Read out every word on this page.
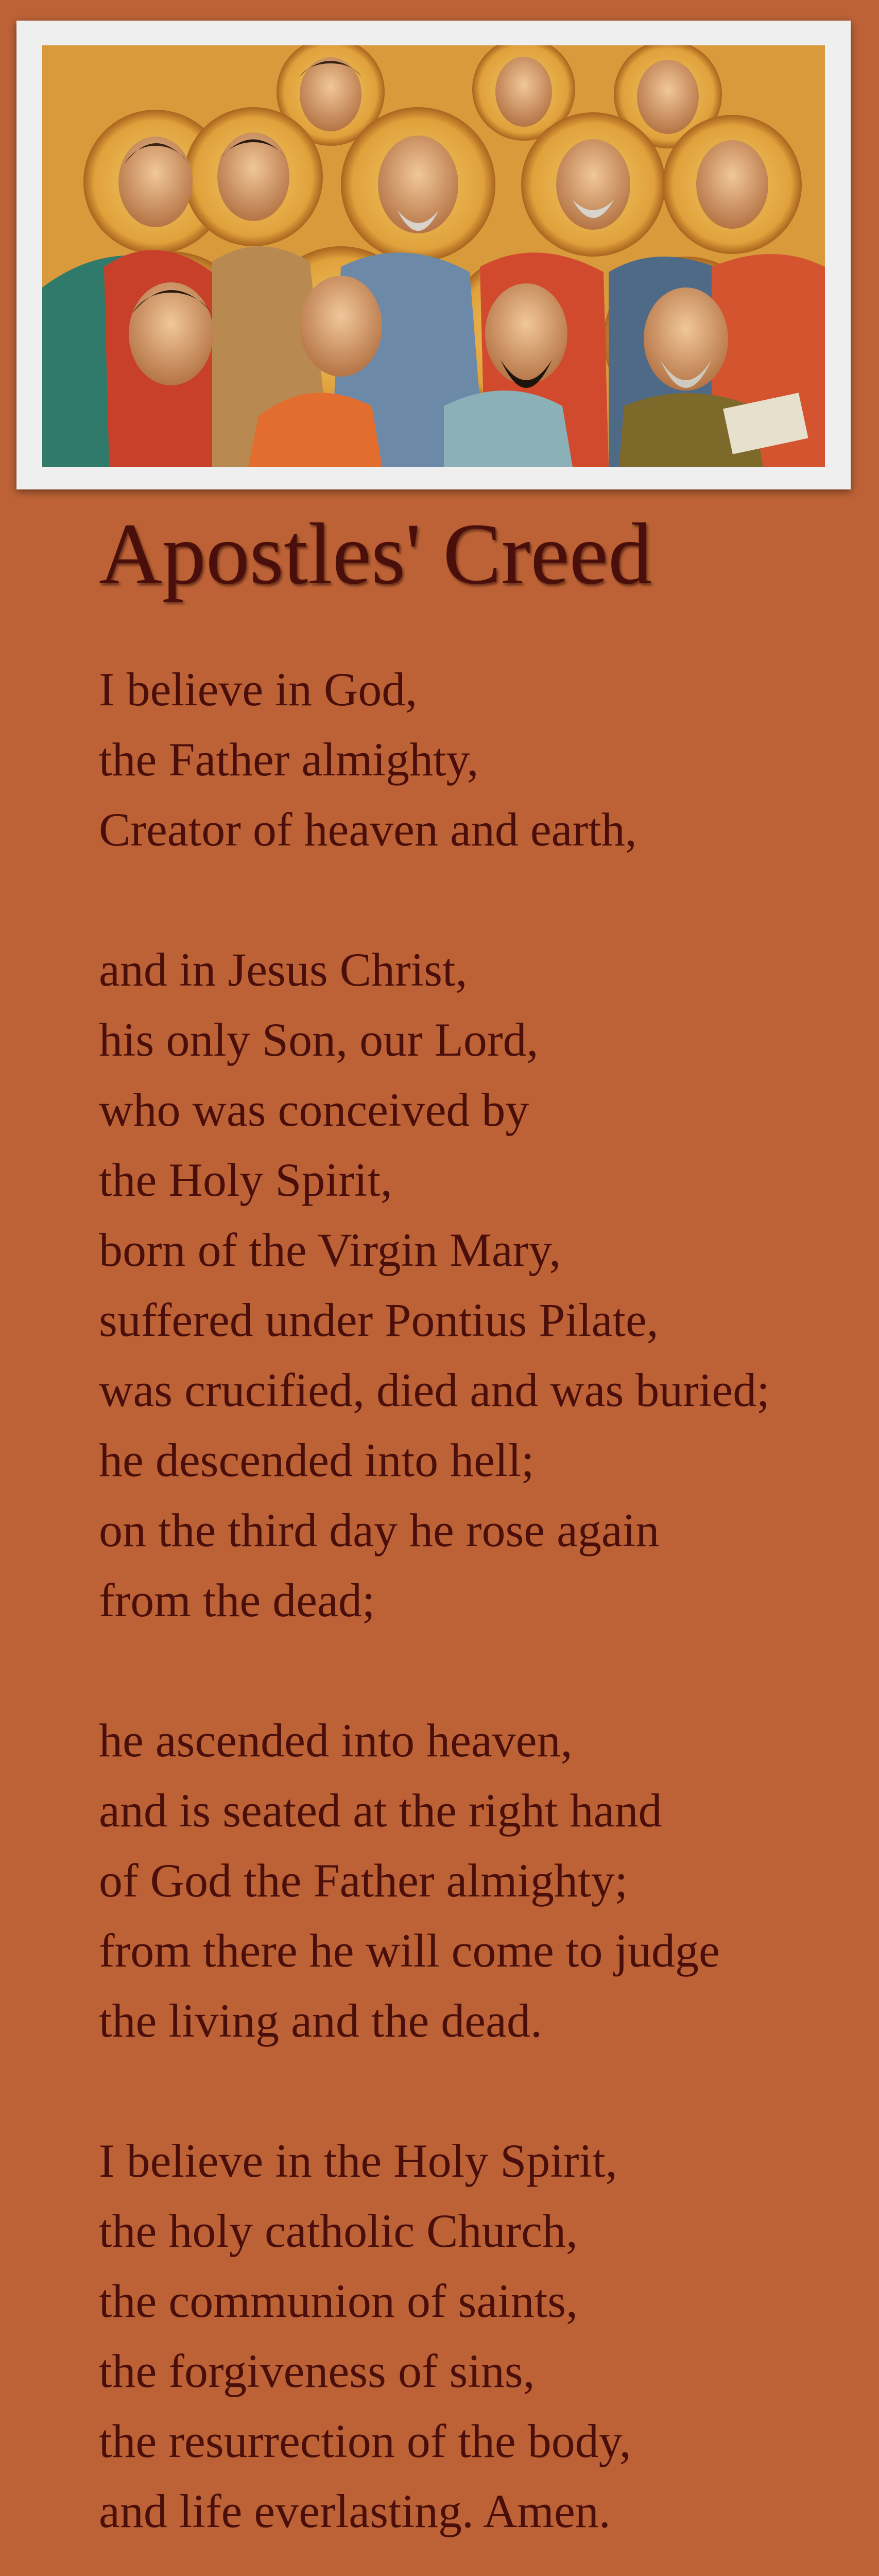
Apostles' Creed

I believe in God,
the Father almighty,
Creator of heaven and earth,

and in Jesus Christ,
his only Son, our Lord,
who was conceived by
the Holy Spirit,
born of the Virgin Mary,
suffered under Pontius Pilate,
was crucified, died and was buried;
he descended into hell;
on the third day he rose again
from the dead;

he ascended into heaven,
and is seated at the right hand
of God the Father almighty;
from there he will come to judge
the living and the dead.

I believe in the Holy Spirit,
the holy catholic Church,
the communion of saints,
the forgiveness of sins,
the resurrection of the body,
and life everlasting. Amen.
